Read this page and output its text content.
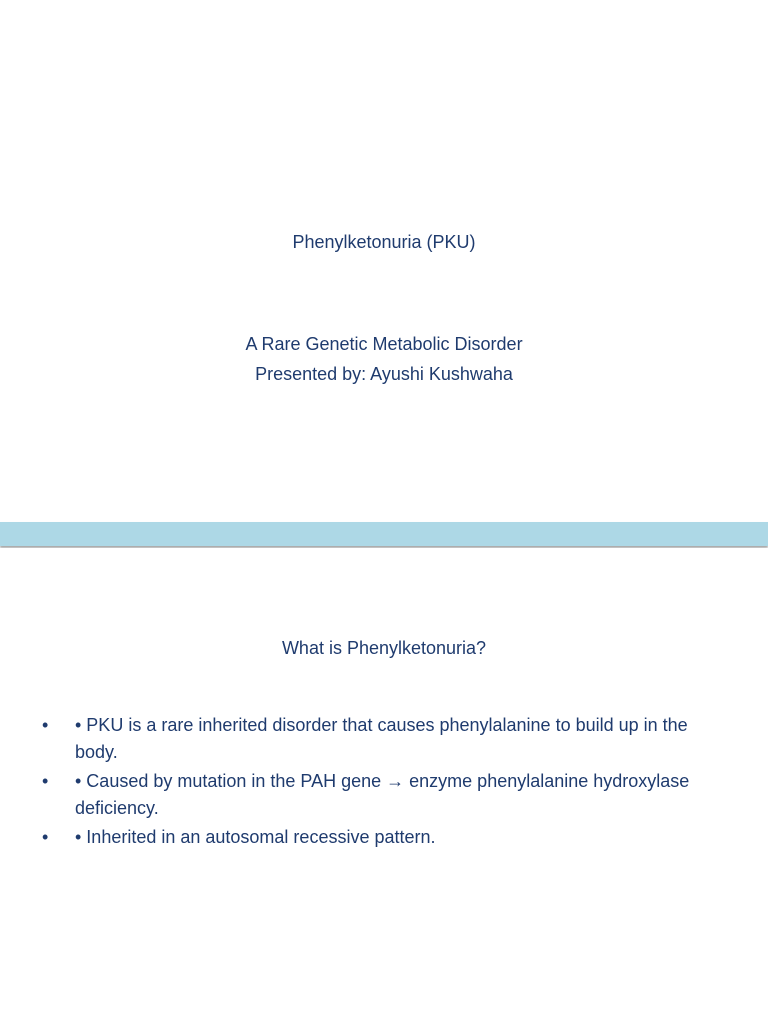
Phenylketonuria (PKU)
A Rare Genetic Metabolic Disorder
Presented by: Ayushi Kushwaha
What is Phenylketonuria?
•	• PKU is a rare inherited disorder that causes phenylalanine to build up in the body.
•	• Caused by mutation in the PAH gene → enzyme phenylalanine hydroxylase deficiency.
•	• Inherited in an autosomal recessive pattern.
